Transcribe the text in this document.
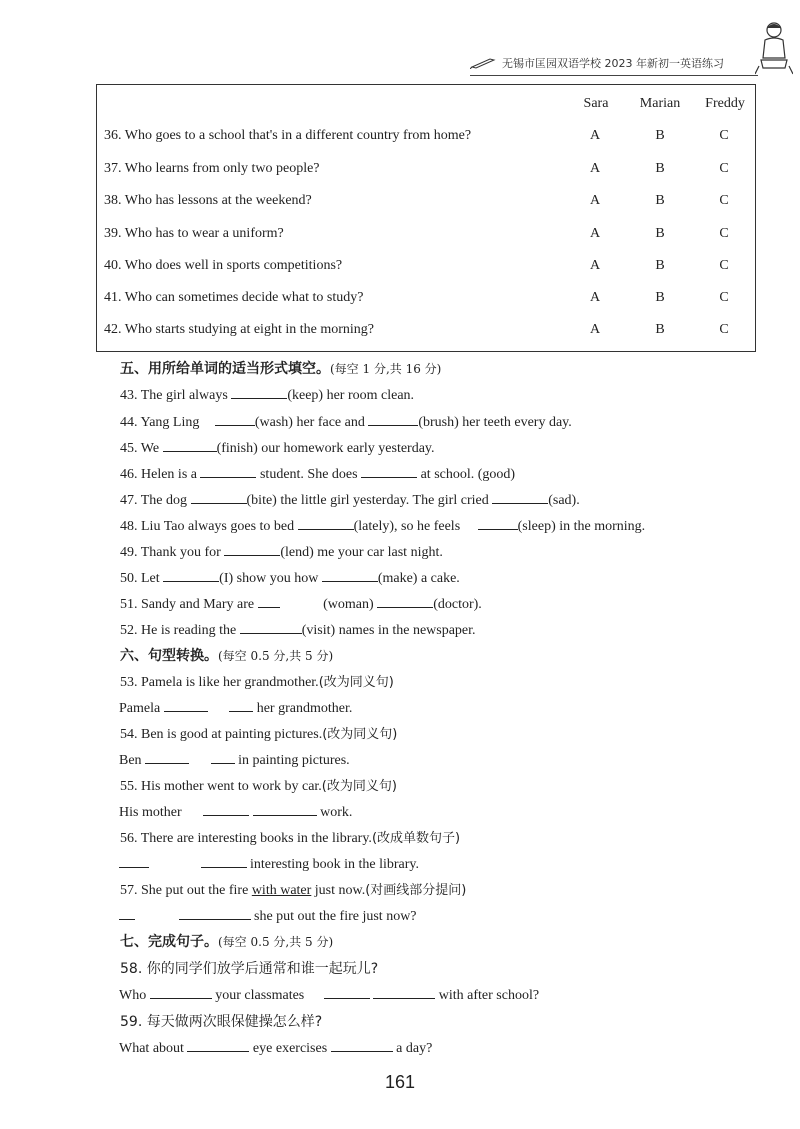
无锡市匡园双语学校 2023 年新初一英语练习
Sara	Marian	Freddy
36. Who goes to a school that's in a different country from home?	A	B	C
37. Who learns from only two people?	A	B	C
38. Who has lessons at the weekend?	A	B	C
39. Who has to wear a uniform?	A	B	C
40. Who does well in sports competitions?	A	B	C
41. Who can sometimes decide what to study?	A	B	C
42. Who starts studying at eight in the morning?	A	B	C
五、用所给单词的适当形式填空。(每空 1 分,共 16 分)
43. The girl always	(keep) her room clean.
44. Yang Ling	(wash) her face and	(brush) her teeth every day.
45. We	(finish) our homework early yesterday.
46. Helen is a	student. She does	at school. (good)
47. The dog	(bite) the little girl yesterday. The girl cried	(sad).
48. Liu Tao always goes to bed	(lately), so he feels	(sleep) in the morning.
49. Thank you for	(lend) me your car last night.
50. Let	(I) show you how	(make) a cake.
51. Sandy and Mary are	(woman)	(doctor).
52. He is reading the	(visit) names in the newspaper.
六、句型转换。(每空 0.5 分,共 5 分)
53. Pamela is like her grandmother.(改为同义句)
Pamela	her grandmother.
54. Ben is good at painting pictures.(改为同义句)
Ben	in painting pictures.
55. His mother went to work by car.(改为同义句)
His mother	work.
56. There are interesting books in the library.(改成单数句子)
interesting book in the library.
57. She put out the fire with water just now.(对画线部分提问)
she put out the fire just now?
七、完成句子。(每空 0.5 分,共 5 分)
58. 你的同学们放学后通常和谁一起玩儿?
Who	your classmates	with after school?
59. 每天做两次眼保健操怎么样?
What about	eye exercises	a day?
161
